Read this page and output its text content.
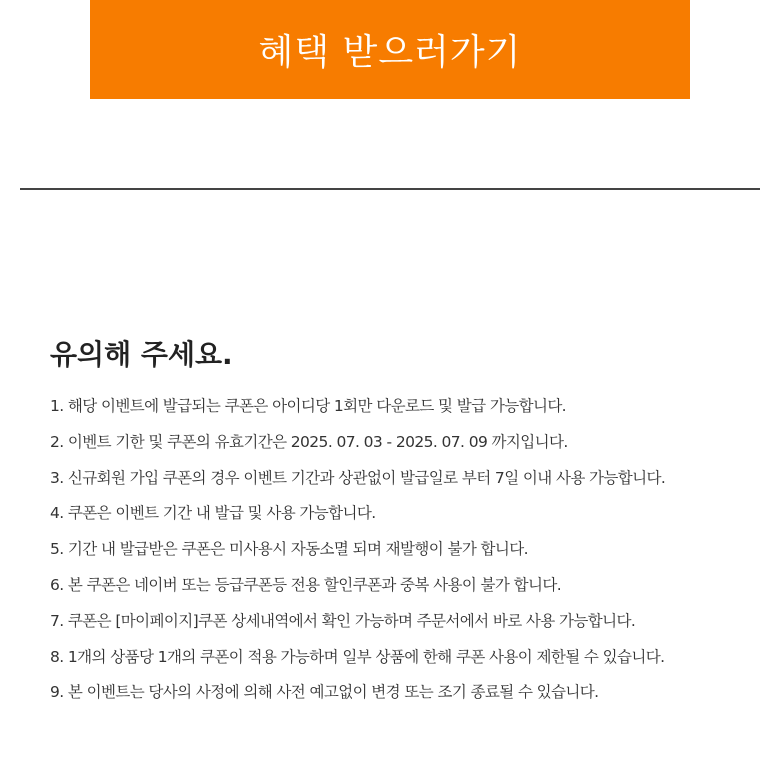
혜택 받으러가기
유의해 주세요.
1. 해당 이벤트에 발급되는 쿠폰은 아이디당 1회만 다운로드 및 발급 가능합니다.
2. 이벤트 기한 및 쿠폰의 유효기간은 2025. 07. 03 - 2025. 07. 09 까지입니다.
3. 신규회원 가입 쿠폰의 경우 이벤트 기간과 상관없이 발급일로 부터 7일 이내 사용 가능합니다.
4. 쿠폰은 이벤트 기간 내 발급 및 사용 가능합니다.
5. 기간 내 발급받은 쿠폰은 미사용시 자동소멸 되며 재발행이 불가 합니다.
6. 본 쿠폰은 네이버 또는 등급쿠폰등 전용 할인쿠폰과 중복 사용이 불가 합니다.
7. 쿠폰은 [마이페이지]쿠폰 상세내역에서 확인 가능하며 주문서에서 바로 사용 가능합니다.
8. 1개의 상품당 1개의 쿠폰이 적용 가능하며 일부 상품에 한해 쿠폰 사용이 제한될 수 있습니다.
9. 본 이벤트는 당사의 사정에 의해 사전 예고없이 변경 또는 조기 종료될 수 있습니다.
